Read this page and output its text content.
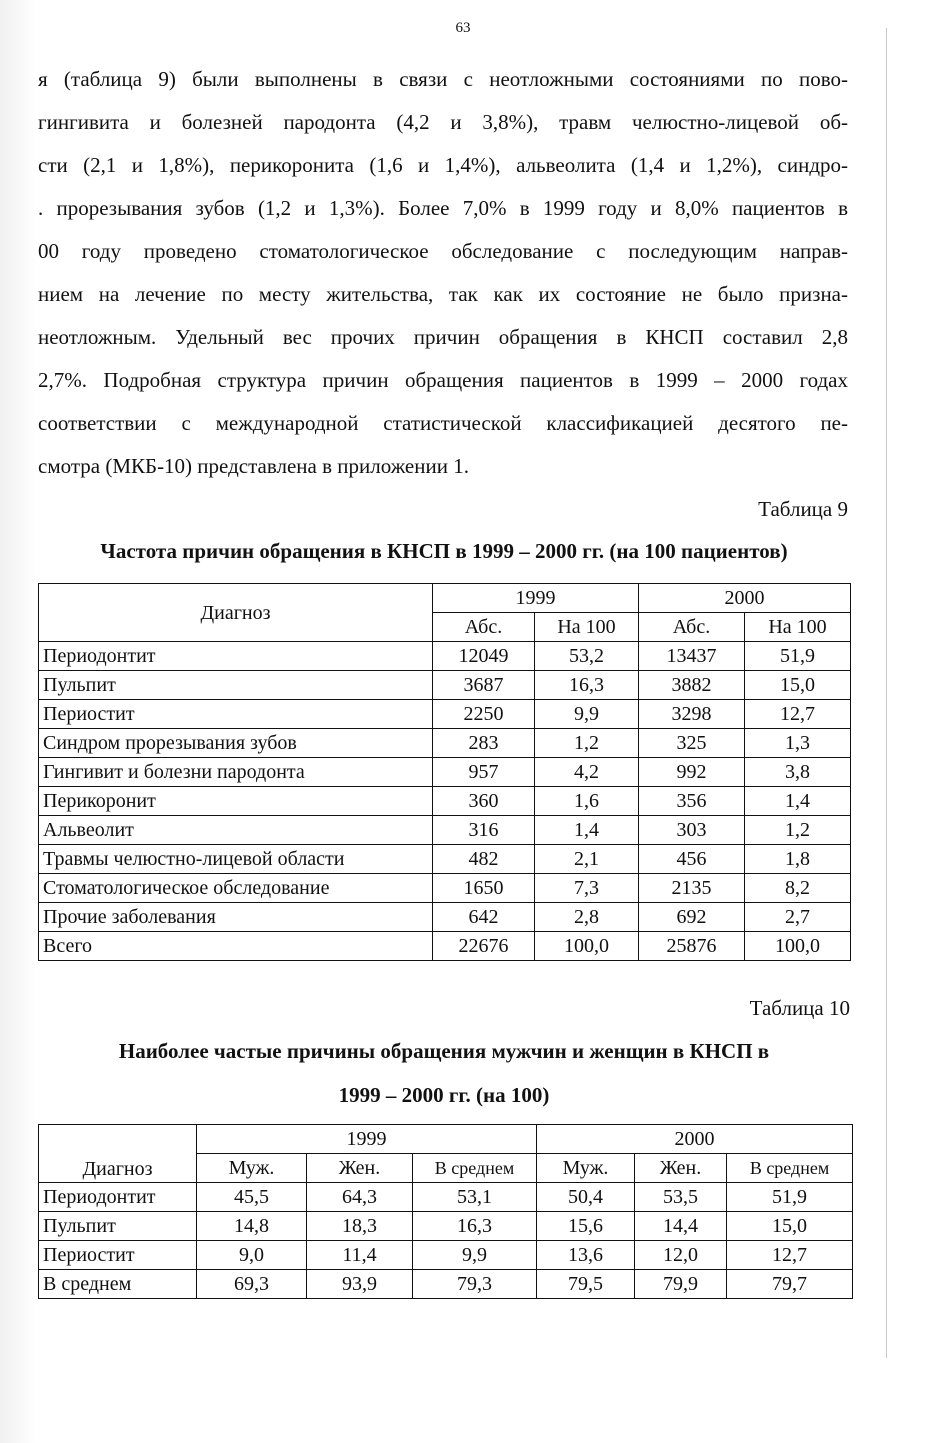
63
я (таблица 9) были выполнены в связи с неотложными состояниями по пово-
гингивита и болезней пародонта (4,2 и 3,8%), травм челюстно-лицевой об-
сти (2,1 и 1,8%), перикоронита (1,6 и 1,4%), альвеолита (1,4 и 1,2%), синдро-
. прорезывания зубов (1,2 и 1,3%). Более 7,0% в 1999 году и 8,0% пациентов в
00 году проведено стоматологическое обследование с последующим направ-
нием на лечение по месту жительства, так как их состояние не было призна-
неотложным. Удельный вес прочих причин обращения в КНСП составил 2,8
2,7%. Подробная структура причин обращения пациентов в 1999 – 2000 годах
соответствии с международной статистической классификацией десятого пе-
смотра (МКБ-10) представлена в приложении 1.
Таблица 9
Частота причин обращения в КНСП в 1999 – 2000 гг. (на 100 пациентов)
Диагноз	1999		2000	
	Абс.	На 100	Абс.	На 100
Периодонтит	12049	53,2	13437	51,9
Пульпит	3687	16,3	3882	15,0
Периостит	2250	9,9	3298	12,7
Синдром прорезывания зубов	283	1,2	325	1,3
Гингивит и болезни пародонта	957	4,2	992	3,8
Перикоронит	360	1,6	356	1,4
Альвеолит	316	1,4	303	1,2
Травмы челюстно-лицевой области	482	2,1	456	1,8
Стоматологическое обследование	1650	7,3	2135	8,2
Прочие заболевания	642	2,8	692	2,7
Всего	22676	100,0	25876	100,0
Таблица 10
Наиболее частые причины обращения мужчин и женщин в КНСП в
1999 – 2000 гг. (на 100)
Диагноз	1999			2000		
	Муж.	Жен.	В среднем	Муж.	Жен.	В среднем
Периодонтит	45,5	64,3	53,1	50,4	53,5	51,9
Пульпит	14,8	18,3	16,3	15,6	14,4	15,0
Периостит	9,0	11,4	9,9	13,6	12,0	12,7
В среднем	69,3	93,9	79,3	79,5	79,9	79,7
